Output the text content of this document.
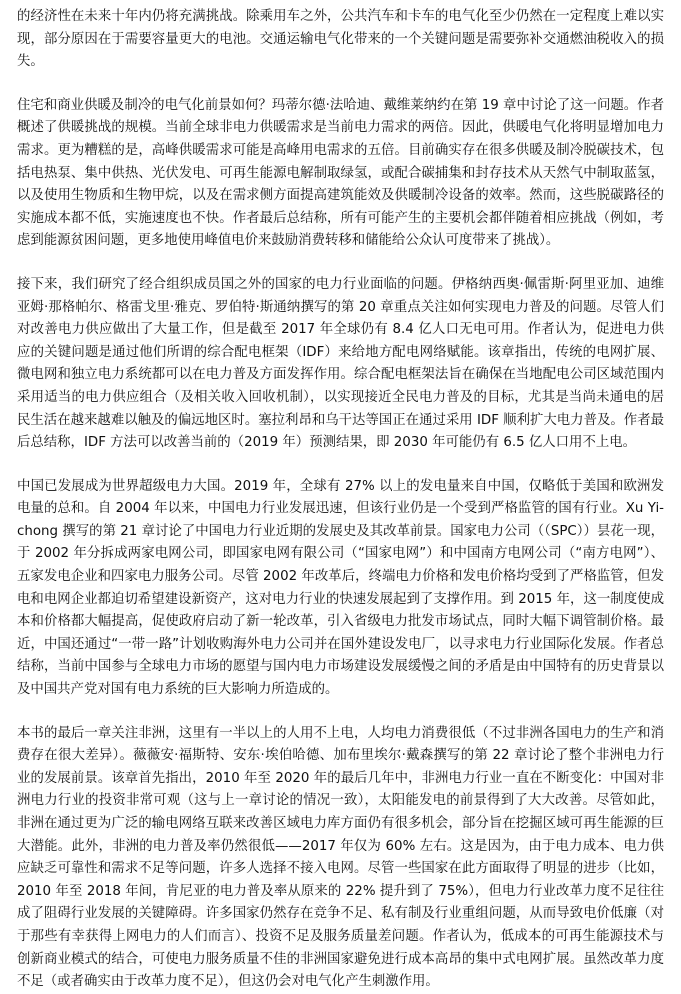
的经济性在未来十年内仍将充满挑战。除乘用车之外，公共汽车和卡车的电气化至少仍然在一定程度上难以实现，部分原因在于需要容量更大的电池。交通运输电气化带来的一个关键问题是需要弥补交通燃油税收入的损失。

住宅和商业供暖及制冷的电气化前景如何？玛蒂尔德·法哈迪、戴维莱纳约在第 19 章中讨论了这一问题。作者概述了供暖挑战的规模。当前全球非电力供暖需求是当前电力需求的两倍。因此，供暖电气化将明显增加电力需求。更为糟糕的是，高峰供暖需求可能是高峰用电需求的五倍。目前确实存在很多供暖及制冷脱碳技术，包括电热泵、集中供热、光伏发电、可再生能源电解制取绿氢，或配合碳捕集和封存技术从天然气中制取蓝氢，以及使用生物质和生物甲烷，以及在需求侧方面提高建筑能效及供暖制冷设备的效率。然而，这些脱碳路径的实施成本都不低，实施速度也不快。作者最后总结称，所有可能产生的主要机会都伴随着相应挑战（例如，考虑到能源贫困问题，更多地使用峰值电价来鼓励消费转移和储能给公众认可度带来了挑战）。

接下来，我们研究了经合组织成员国之外的国家的电力行业面临的问题。伊格纳西奥·佩雷斯·阿里亚加、迪维亚姆·那格帕尔、格雷戈里·雅克、罗伯特·斯通纳撰写的第 20 章重点关注如何实现电力普及的问题。尽管人们对改善电力供应做出了大量工作，但是截至 2017 年全球仍有 8.4 亿人口无电可用。作者认为，促进电力供应的关键问题是通过他们所谓的综合配电框架（IDF）来给地方配电网络赋能。该章指出，传统的电网扩展、微电网和独立电力系统都可以在电力普及方面发挥作用。综合配电框架法旨在确保在当地配电公司区域范围内采用适当的电力供应组合（及相关收入回收机制），以实现接近全民电力普及的目标，尤其是当尚未通电的居民生活在越来越难以触及的偏远地区时。塞拉利昂和乌干达等国正在通过采用 IDF 顺利扩大电力普及。作者最后总结称，IDF 方法可以改善当前的（2019 年）预测结果，即 2030 年可能仍有 6.5 亿人口用不上电。

中国已发展成为世界超级电力大国。2019 年，全球有 27% 以上的发电量来自中国，仅略低于美国和欧洲发电量的总和。自 2004 年以来，中国电力行业发展迅速，但该行业仍是一个受到严格监管的国有行业。Xu Yi-chong 撰写的第 21 章讨论了中国电力行业近期的发展史及其改革前景。国家电力公司（（SPC））昙花一现，于 2002 年分拆成两家电网公司，即国家电网有限公司（“国家电网”）和中国南方电网公司（“南方电网”）、五家发电企业和四家电力服务公司。尽管 2002 年改革后，终端电力价格和发电价格均受到了严格监管，但发电和电网企业都迫切希望建设新资产，这对电力行业的快速发展起到了支撑作用。到 2015 年，这一制度使成本和价格都大幅提高，促使政府启动了新一轮改革，引入省级电力批发市场试点，同时大幅下调管制价格。最近，中国还通过“一带一路”计划收购海外电力公司并在国外建设发电厂，以寻求电力行业国际化发展。作者总结称，当前中国参与全球电力市场的愿望与国内电力市场建设发展缓慢之间的矛盾是由中国特有的历史背景以及中国共产党对国有电力系统的巨大影响力所造成的。

本书的最后一章关注非洲，这里有一半以上的人用不上电，人均电力消费很低（不过非洲各国电力的生产和消费存在很大差异）。薇薇安·福斯特、安东·埃伯哈德、加布里埃尔·戴森撰写的第 22 章讨论了整个非洲电力行业的发展前景。该章首先指出，2010 年至 2020 年的最后几年中，非洲电力行业一直在不断变化：中国对非洲电力行业的投资非常可观（这与上一章讨论的情况一致），太阳能发电的前景得到了大大改善。尽管如此，非洲在通过更为广泛的输电网络互联来改善区域电力库方面仍有很多机会，部分旨在挖掘区域可再生能源的巨大潜能。此外，非洲的电力普及率仍然很低——2017 年仅为 60% 左右。这是因为，由于电力成本、电力供应缺乏可靠性和需求不足等问题，许多人选择不接入电网。尽管一些国家在此方面取得了明显的进步（比如，2010 年至 2018 年间，肯尼亚的电力普及率从原来的 22% 提升到了 75%），但电力行业改革力度不足往往成了阻碍行业发展的关键障碍。许多国家仍然存在竞争不足、私有制及行业重组问题，从而导致电价低廉（对于那些有幸获得上网电力的人们而言）、投资不足及服务质量差问题。作者认为，低成本的可再生能源技术与创新商业模式的结合，可使电力服务质量不佳的非洲国家避免进行成本高昂的集中式电网扩展。虽然改革力度不足（或者确实由于改革力度不足），但这仍会对电气化产生刺激作用。
